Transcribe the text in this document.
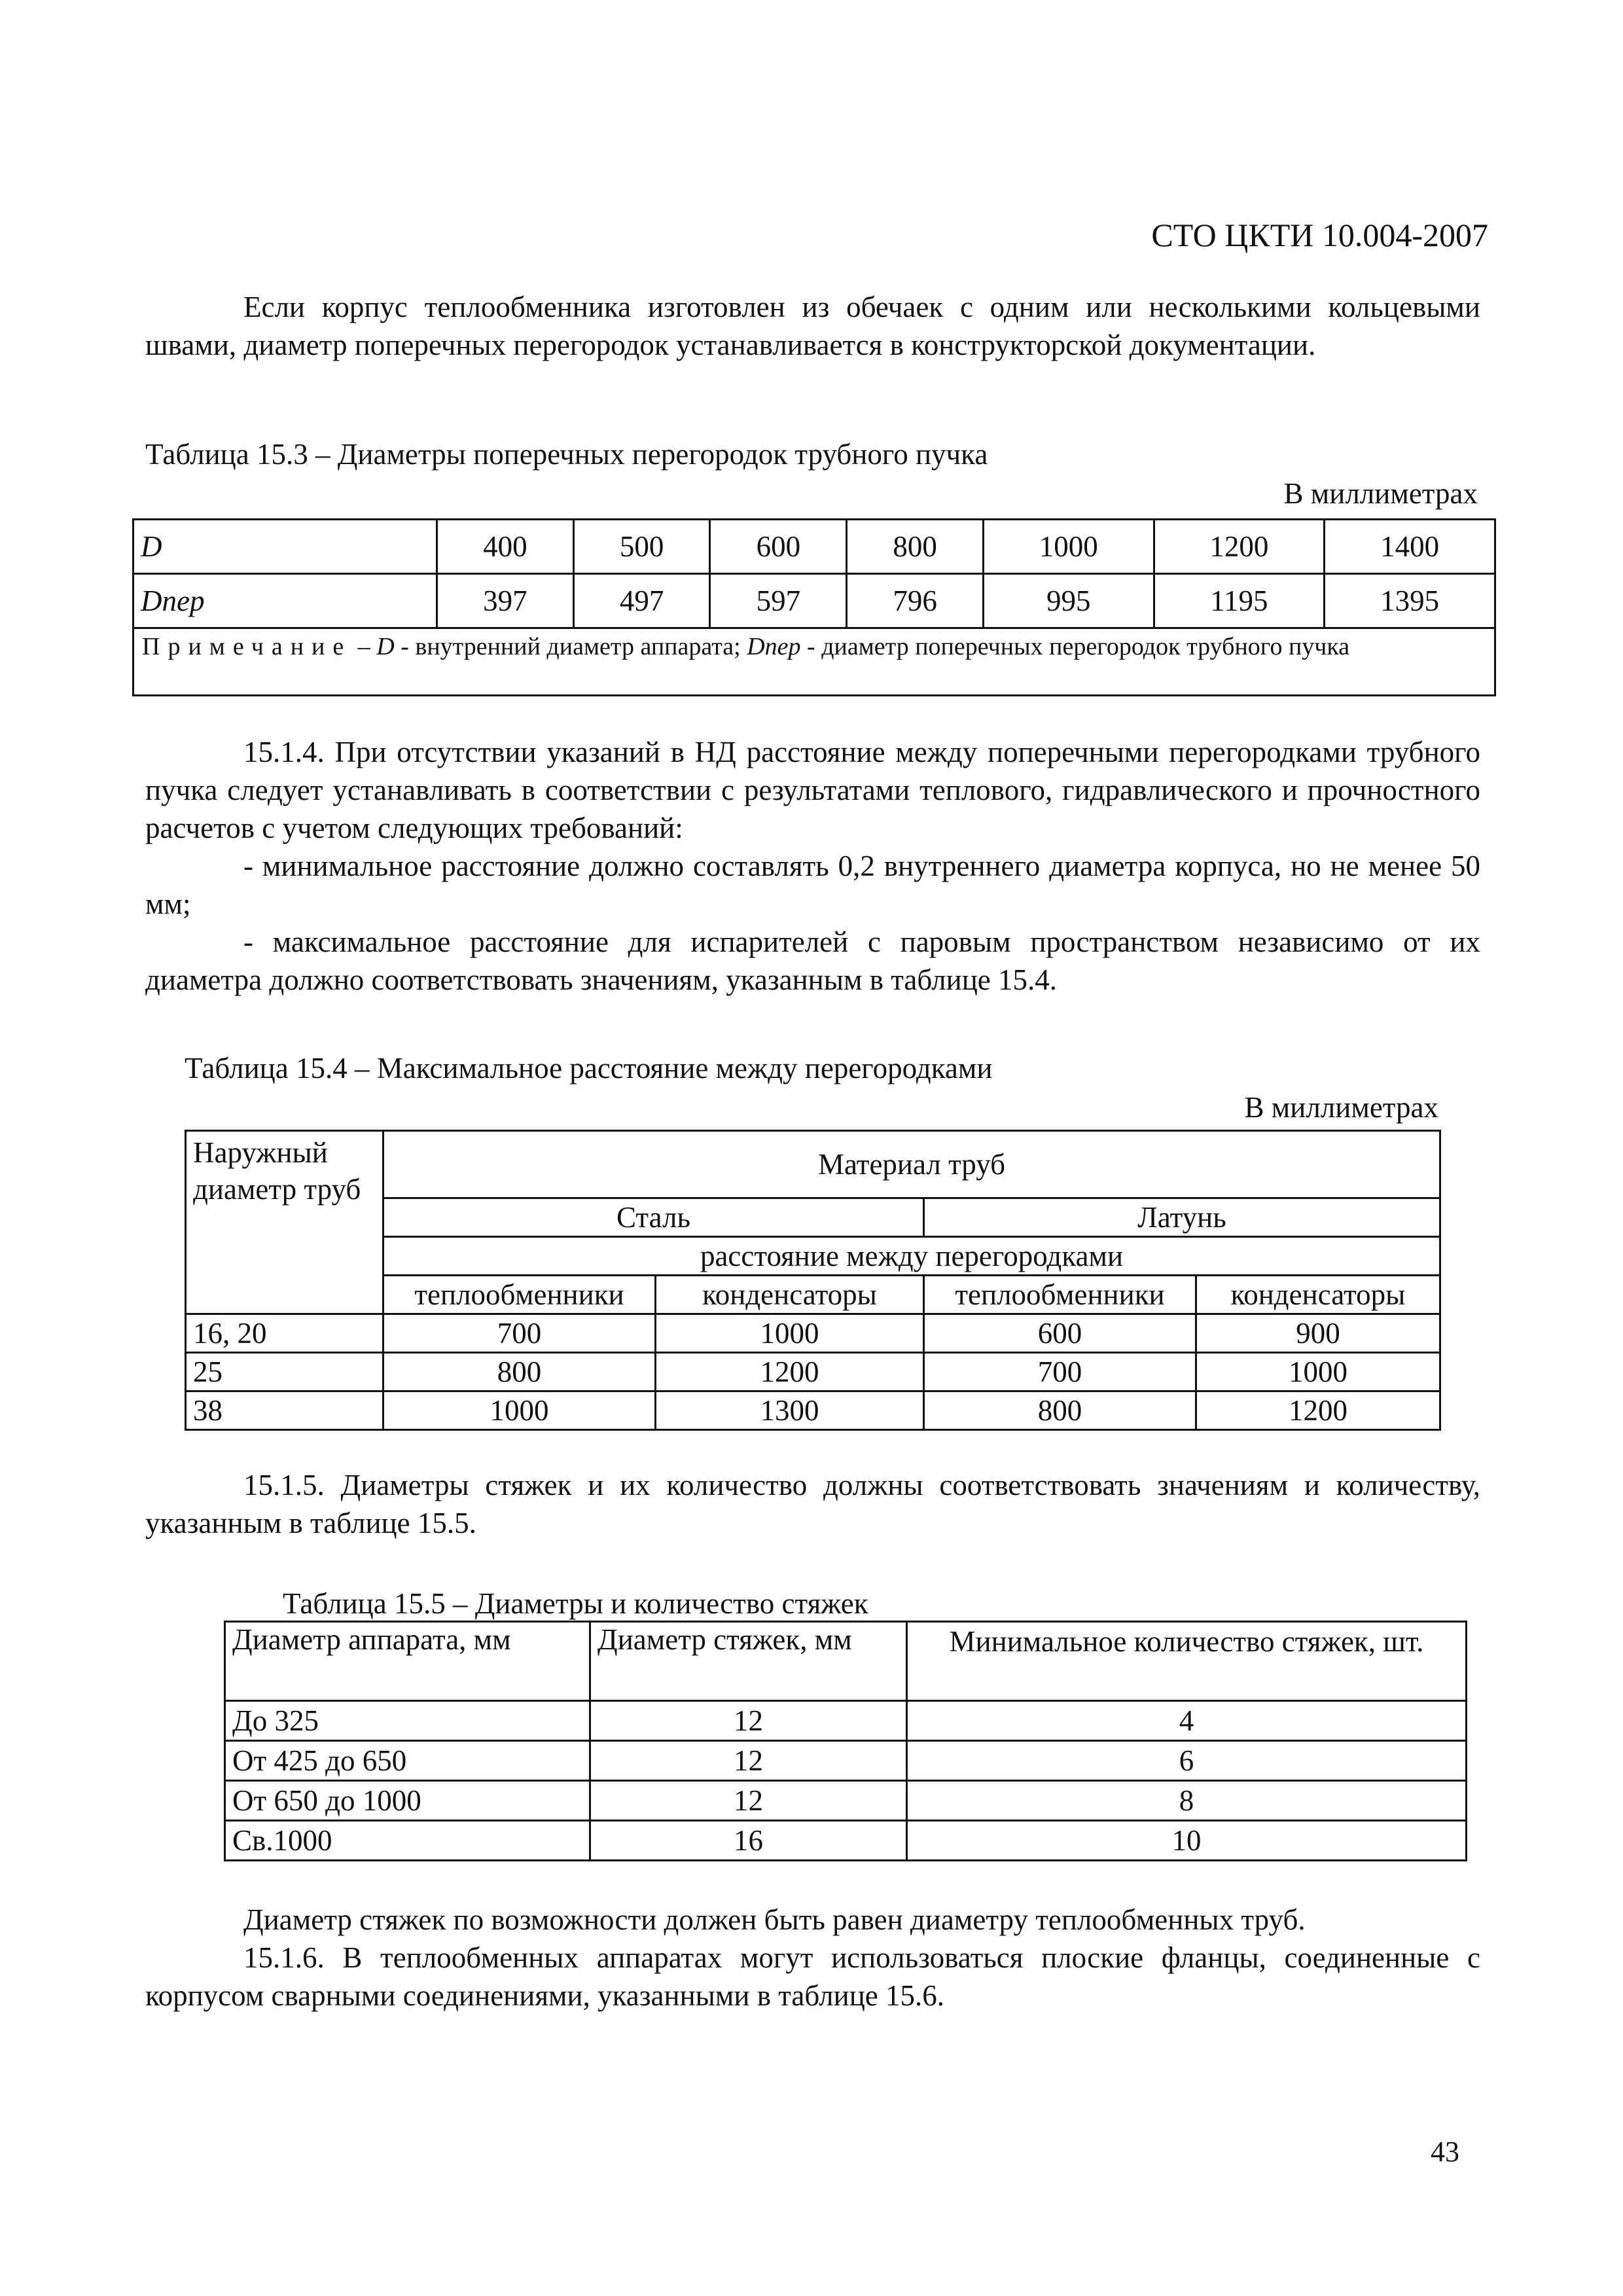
СТО ЦКТИ 10.004-2007

Если корпус теплообменника изготовлен из обечаек с одним или несколькими кольцевыми швами, диаметр поперечных перегородок устанавливается в конструкторской документации.

Таблица 15.3 – Диаметры поперечных перегородок трубного пучка
В миллиметрах
D	400	500	600	800	1000	1200	1400
Dпер	397	497	597	796	995	1195	1395
Примечание – D - внутренний диаметр аппарата; Dпер - диаметр поперечных перегородок трубного пучка							

15.1.4. При отсутствии указаний в НД расстояние между поперечными перегородками трубного пучка следует устанавливать в соответствии с результатами теплового, гидравлического и прочностного расчетов с учетом следующих требований:

- минимальное расстояние должно составлять 0,2 внутреннего диаметра корпуса, но не менее 50 мм;

- максимальное расстояние для испарителей с паровым пространством независимо от их диаметра должно соответствовать значениям, указанным в таблице 15.4.

Таблица 15.4 – Максимальное расстояние между перегородками
В миллиметрах
Наружный диаметр труб	Материал труб			
	Сталь		Латунь	
	расстояние между перегородками			
	теплообменники	конденсаторы	теплообменники	конденсаторы
16, 20	700	1000	600	900
25	800	1200	700	1000
38	1000	1300	800	1200

15.1.5. Диаметры стяжек и их количество должны соответствовать значениям и количеству, указанным в таблице 15.5.

Таблица 15.5 – Диаметры и количество стяжек
Диаметр аппарата, мм	Диаметр стяжек, мм	Минимальное количество стяжек, шт.
До 325	12	4
От 425 до 650	12	6
От 650 до 1000	12	8
Св.1000	16	10

Диаметр стяжек по возможности должен быть равен диаметру теплообменных труб.

15.1.6. В теплообменных аппаратах могут использоваться плоские фланцы, соединенные с корпусом сварными соединениями, указанными в таблице 15.6.

43
